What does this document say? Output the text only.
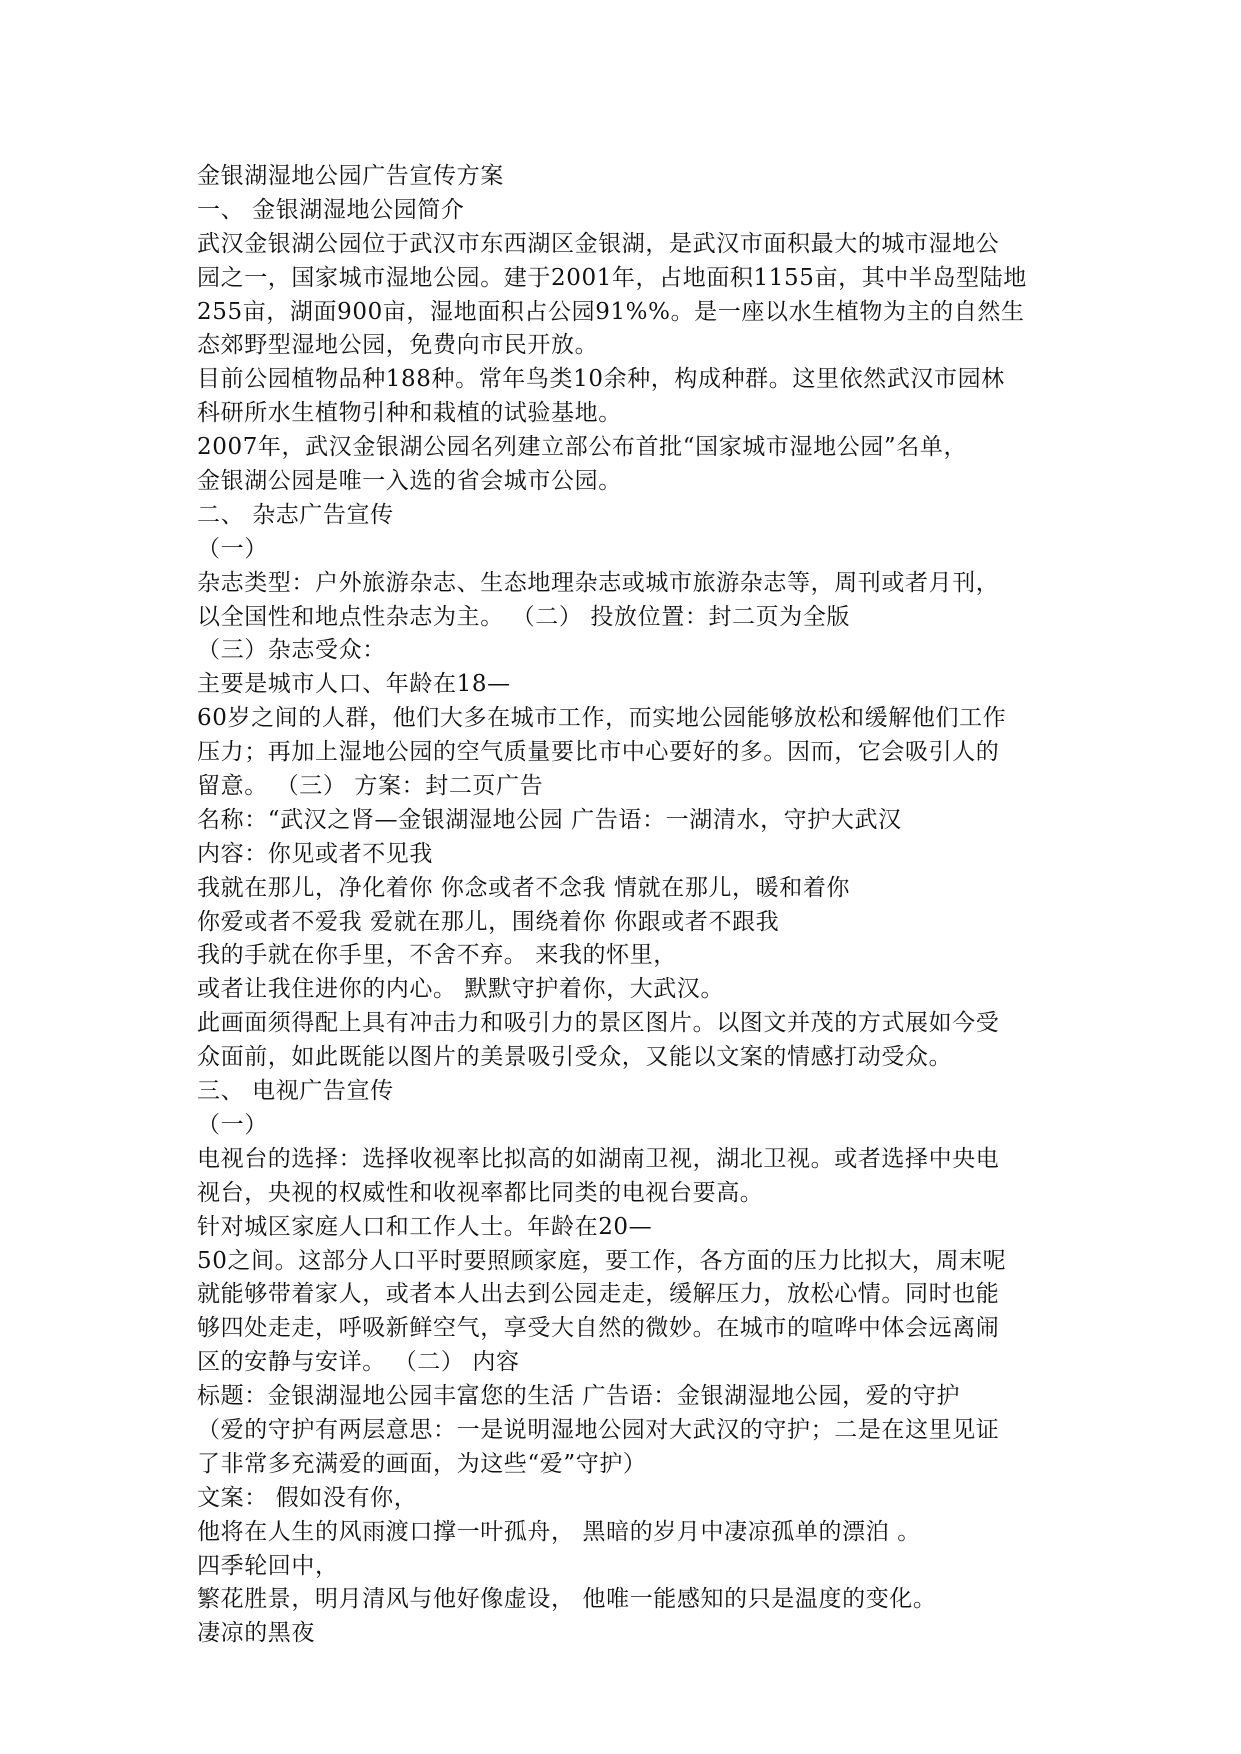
金银湖湿地公园广告宣传方案
一、 金银湖湿地公园简介
武汉金银湖公园位于武汉市东西湖区金银湖，是武汉市面积最大的城市湿地公
园之一，国家城市湿地公园。建于2001年，占地面积1155亩，其中半岛型陆地
255亩，湖面900亩，湿地面积占公园91%%。是一座以水生植物为主的自然生
态郊野型湿地公园，免费向市民开放。
目前公园植物品种188种。常年鸟类10余种，构成种群。这里依然武汉市园林
科研所水生植物引种和栽植的试验基地。
2007年，武汉金银湖公园名列建立部公布首批“国家城市湿地公园”名单，
金银湖公园是唯一入选的省会城市公园。
二、 杂志广告宣传
（一）
杂志类型：户外旅游杂志、生态地理杂志或城市旅游杂志等，周刊或者月刊，
以全国性和地点性杂志为主。 （二） 投放位置：封二页为全版
（三）杂志受众：
主要是城市人口、年龄在18—
60岁之间的人群，他们大多在城市工作，而实地公园能够放松和缓解他们工作
压力；再加上湿地公园的空气质量要比市中心要好的多。因而，它会吸引人的
留意。 （三） 方案：封二页广告
名称：“武汉之肾—金银湖湿地公园 广告语：一湖清水，守护大武汉
内容：你见或者不见我
我就在那儿，净化着你 你念或者不念我 情就在那儿，暖和着你
你爱或者不爱我 爱就在那儿，围绕着你 你跟或者不跟我
我的手就在你手里，不舍不弃。 来我的怀里，
或者让我住进你的内心。 默默守护着你，大武汉。
此画面须得配上具有冲击力和吸引力的景区图片。以图文并茂的方式展如今受
众面前，如此既能以图片的美景吸引受众，又能以文案的情感打动受众。
三、 电视广告宣传
（一）
电视台的选择：选择收视率比拟高的如湖南卫视，湖北卫视。或者选择中央电
视台，央视的权威性和收视率都比同类的电视台要高。
针对城区家庭人口和工作人士。年龄在20—
50之间。这部分人口平时要照顾家庭，要工作，各方面的压力比拟大，周末呢
就能够带着家人，或者本人出去到公园走走，缓解压力，放松心情。同时也能
够四处走走，呼吸新鲜空气，享受大自然的微妙。在城市的喧哗中体会远离闹
区的安静与安详。 （二） 内容
标题：金银湖湿地公园丰富您的生活 广告语：金银湖湿地公园，爱的守护
（爱的守护有两层意思：一是说明湿地公园对大武汉的守护；二是在这里见证
了非常多充满爱的画面，为这些“爱”守护）
文案： 假如没有你，
他将在人生的风雨渡口撑一叶孤舟， 黑暗的岁月中凄凉孤单的漂泊 。
四季轮回中，
繁花胜景，明月清风与他好像虚设， 他唯一能感知的只是温度的变化。
凄凉的黑夜
